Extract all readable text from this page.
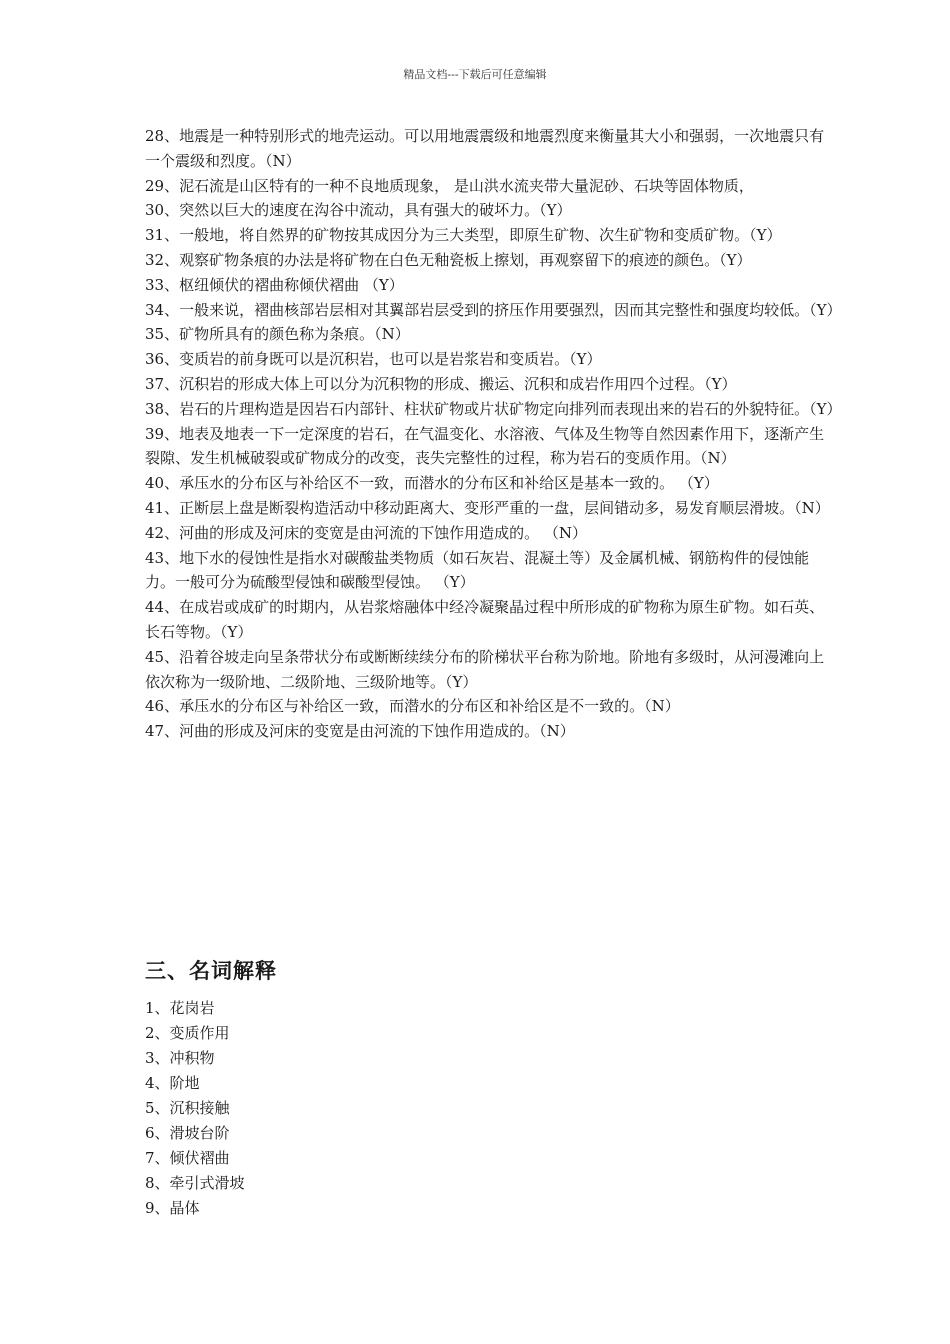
精品文档---下载后可任意编辑

28、地震是一种特别形式的地壳运动。可以用地震震级和地震烈度来衡量其大小和强弱，一次地震只有一个震级和烈度。（N）

29、泥石流是山区特有的一种不良地质现象， 是山洪水流夹带大量泥砂、石块等固体物质，

30、突然以巨大的速度在沟谷中流动，具有强大的破坏力。（Y）

31、一般地，将自然界的矿物按其成因分为三大类型，即原生矿物、次生矿物和变质矿物。（Y）

32、观察矿物条痕的办法是将矿物在白色无釉瓷板上擦划，再观察留下的痕迹的颜色。（Y）

33、枢纽倾伏的褶曲称倾伏褶曲 （Y）

34、一般来说，褶曲核部岩层相对其翼部岩层受到的挤压作用要强烈，因而其完整性和强度均较低。（Y）

35、矿物所具有的颜色称为条痕。（N）

36、变质岩的前身既可以是沉积岩，也可以是岩浆岩和变质岩。（Y）

37、沉积岩的形成大体上可以分为沉积物的形成、搬运、沉积和成岩作用四个过程。（Y）

38、岩石的片理构造是因岩石内部针、柱状矿物或片状矿物定向排列而表现出来的岩石的外貌特征。（Y）

39、地表及地表一下一定深度的岩石，在气温变化、水溶液、气体及生物等自然因素作用下，逐渐产生裂隙、发生机械破裂或矿物成分的改变，丧失完整性的过程，称为岩石的变质作用。（N）

40、承压水的分布区与补给区不一致，而潜水的分布区和补给区是基本一致的。 （Y）

41、正断层上盘是断裂构造活动中移动距离大、变形严重的一盘，层间错动多，易发育顺层滑坡。（N）

42、河曲的形成及河床的变宽是由河流的下蚀作用造成的。 （N）

43、地下水的侵蚀性是指水对碳酸盐类物质（如石灰岩、混凝土等）及金属机械、钢筋构件的侵蚀能力。一般可分为硫酸型侵蚀和碳酸型侵蚀。 （Y）

44、在成岩或成矿的时期内，从岩浆熔融体中经冷凝聚晶过程中所形成的矿物称为原生矿物。如石英、长石等物。（Y）

45、沿着谷坡走向呈条带状分布或断断续续分布的阶梯状平台称为阶地。阶地有多级时，从河漫滩向上依次称为一级阶地、二级阶地、三级阶地等。（Y）

46、承压水的分布区与补给区一致，而潜水的分布区和补给区是不一致的。（N）

47、河曲的形成及河床的变宽是由河流的下蚀作用造成的。（N）

三、名词解释

1、花岗岩

2、变质作用

3、冲积物

4、阶地

5、沉积接触

6、滑坡台阶

7、倾伏褶曲

8、牵引式滑坡

9、晶体
